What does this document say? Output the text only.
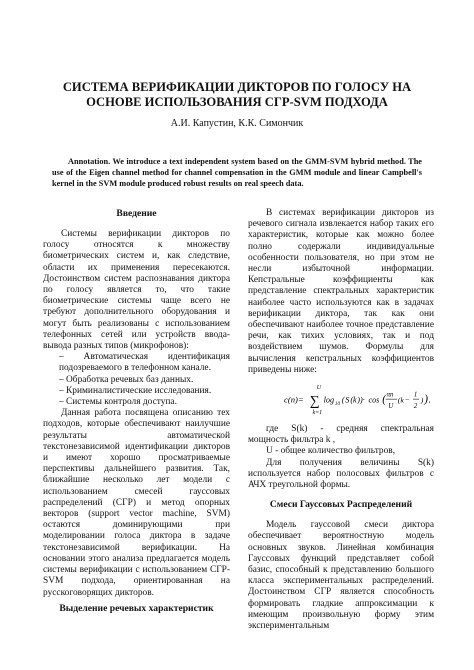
СИСТЕМА ВЕРИФИКАЦИИ ДИКТОРОВ ПО ГОЛОСУ НА ОСНОВЕ ИСПОЛЬЗОВАНИЯ СГР-SVM ПОДХОДА
А.И. Капустин, К.К. Симончик
Annotation. We introduce a text independent system based on the GMM-SVM hybrid method. The use of the Eigen channel method for channel compensation in the GMM module and linear Campbell's kernel in the SVM module produced robust results on real speech data.
Введение

Системы верификации дикторов по голосу относятся к множеству биометрических систем и, как следствие, области их применения пересекаются. Достоинством систем распознавания диктора по голосу является то, что такие биометрические системы чаще всего не требуют дополнительного оборудования и могут быть реализованы с использованием телефонных сетей или устройств ввода-вывода разных типов (микрофонов):

– Автоматическая идентификация подозреваемого в телефонном канале.

– Обработка речевых баз данных.

– Криминалистические исследования.

– Системы контроля доступа.

Данная работа посвящена описанию тех подходов, которые обеспечивают наилучшие результаты автоматической текстонезависимой идентификации дикторов и имеют хорошо просматриваемые перспективы дальнейшего развития. Так, ближайшие несколько лет модели с использованием смесей гауссовых распределений (СГР) и метод опорных векторов (support vector machine, SVM) остаются доминирующими при моделировании голоса диктора в задаче текстонезависимой верификации. На основании этого анализа предлагается модель системы верификации с использованием СГР-SVM подхода, ориентированная на русскоговорящих дикторов.

Выделение речевых характеристик

В системах верификации дикторов из речевого сигнала извлекается набор таких его характеристик, которые как можно более полно содержали индивидуальные особенности пользователя, но при этом не несли избыточной информации. Кепстральные коэффициенты как представление спектральных характеристик наиболее часто используются как в задачах верификации диктора, так как они обеспечивают наиболее точное представление речи, как тихих условиях, так и под воздействием шумов. Формулы для вычисления кепстральных коэффициентов приведены ниже:

c(n)=
U
∑
k=1
log 10 ( S ( k ))· cos ( πn
U
( k −
1
2
) ) ,

где S(k) - средняя спектральная мощность фильтра k ,

U - общее количество фильтров,

Для получения величины S(k) используется набор полосовых фильтров с АЧХ треугольной формы.

Смеси Гауссовых Распределений

Модель гауссовой смеси диктора обеспечивает вероятностную модель основных звуков. Линейная комбинация Гауссовых функций представляет собой базис, способный к представлению большого класса экспериментальных распределений. Достоинством СГР является способность формировать гладкие аппроксимации к имеющим произвольную форму этим экспериментальным
